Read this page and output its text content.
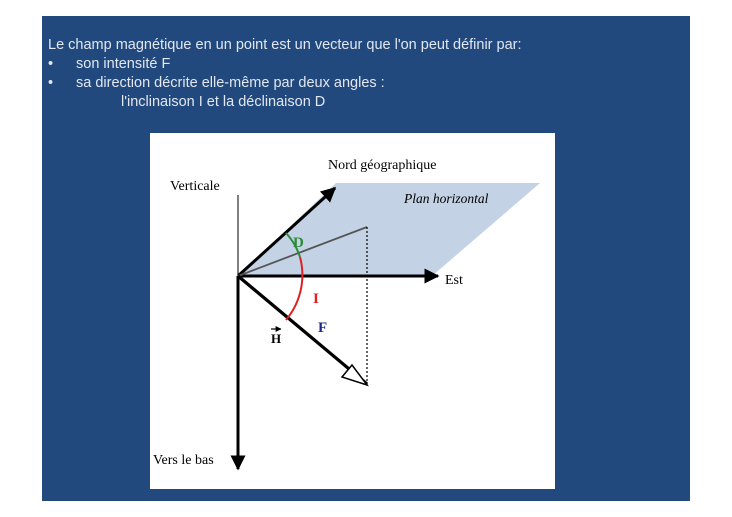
Le champ magnétique en un point est un vecteur que l'on peut définir par:
•	son intensité F
•	sa direction décrite elle-même par deux angles :
l'inclinaison I et la déclinaison D
Nord géographique
Verticale
Plan horizontal
Est
Vers le bas
D
I
F
H
